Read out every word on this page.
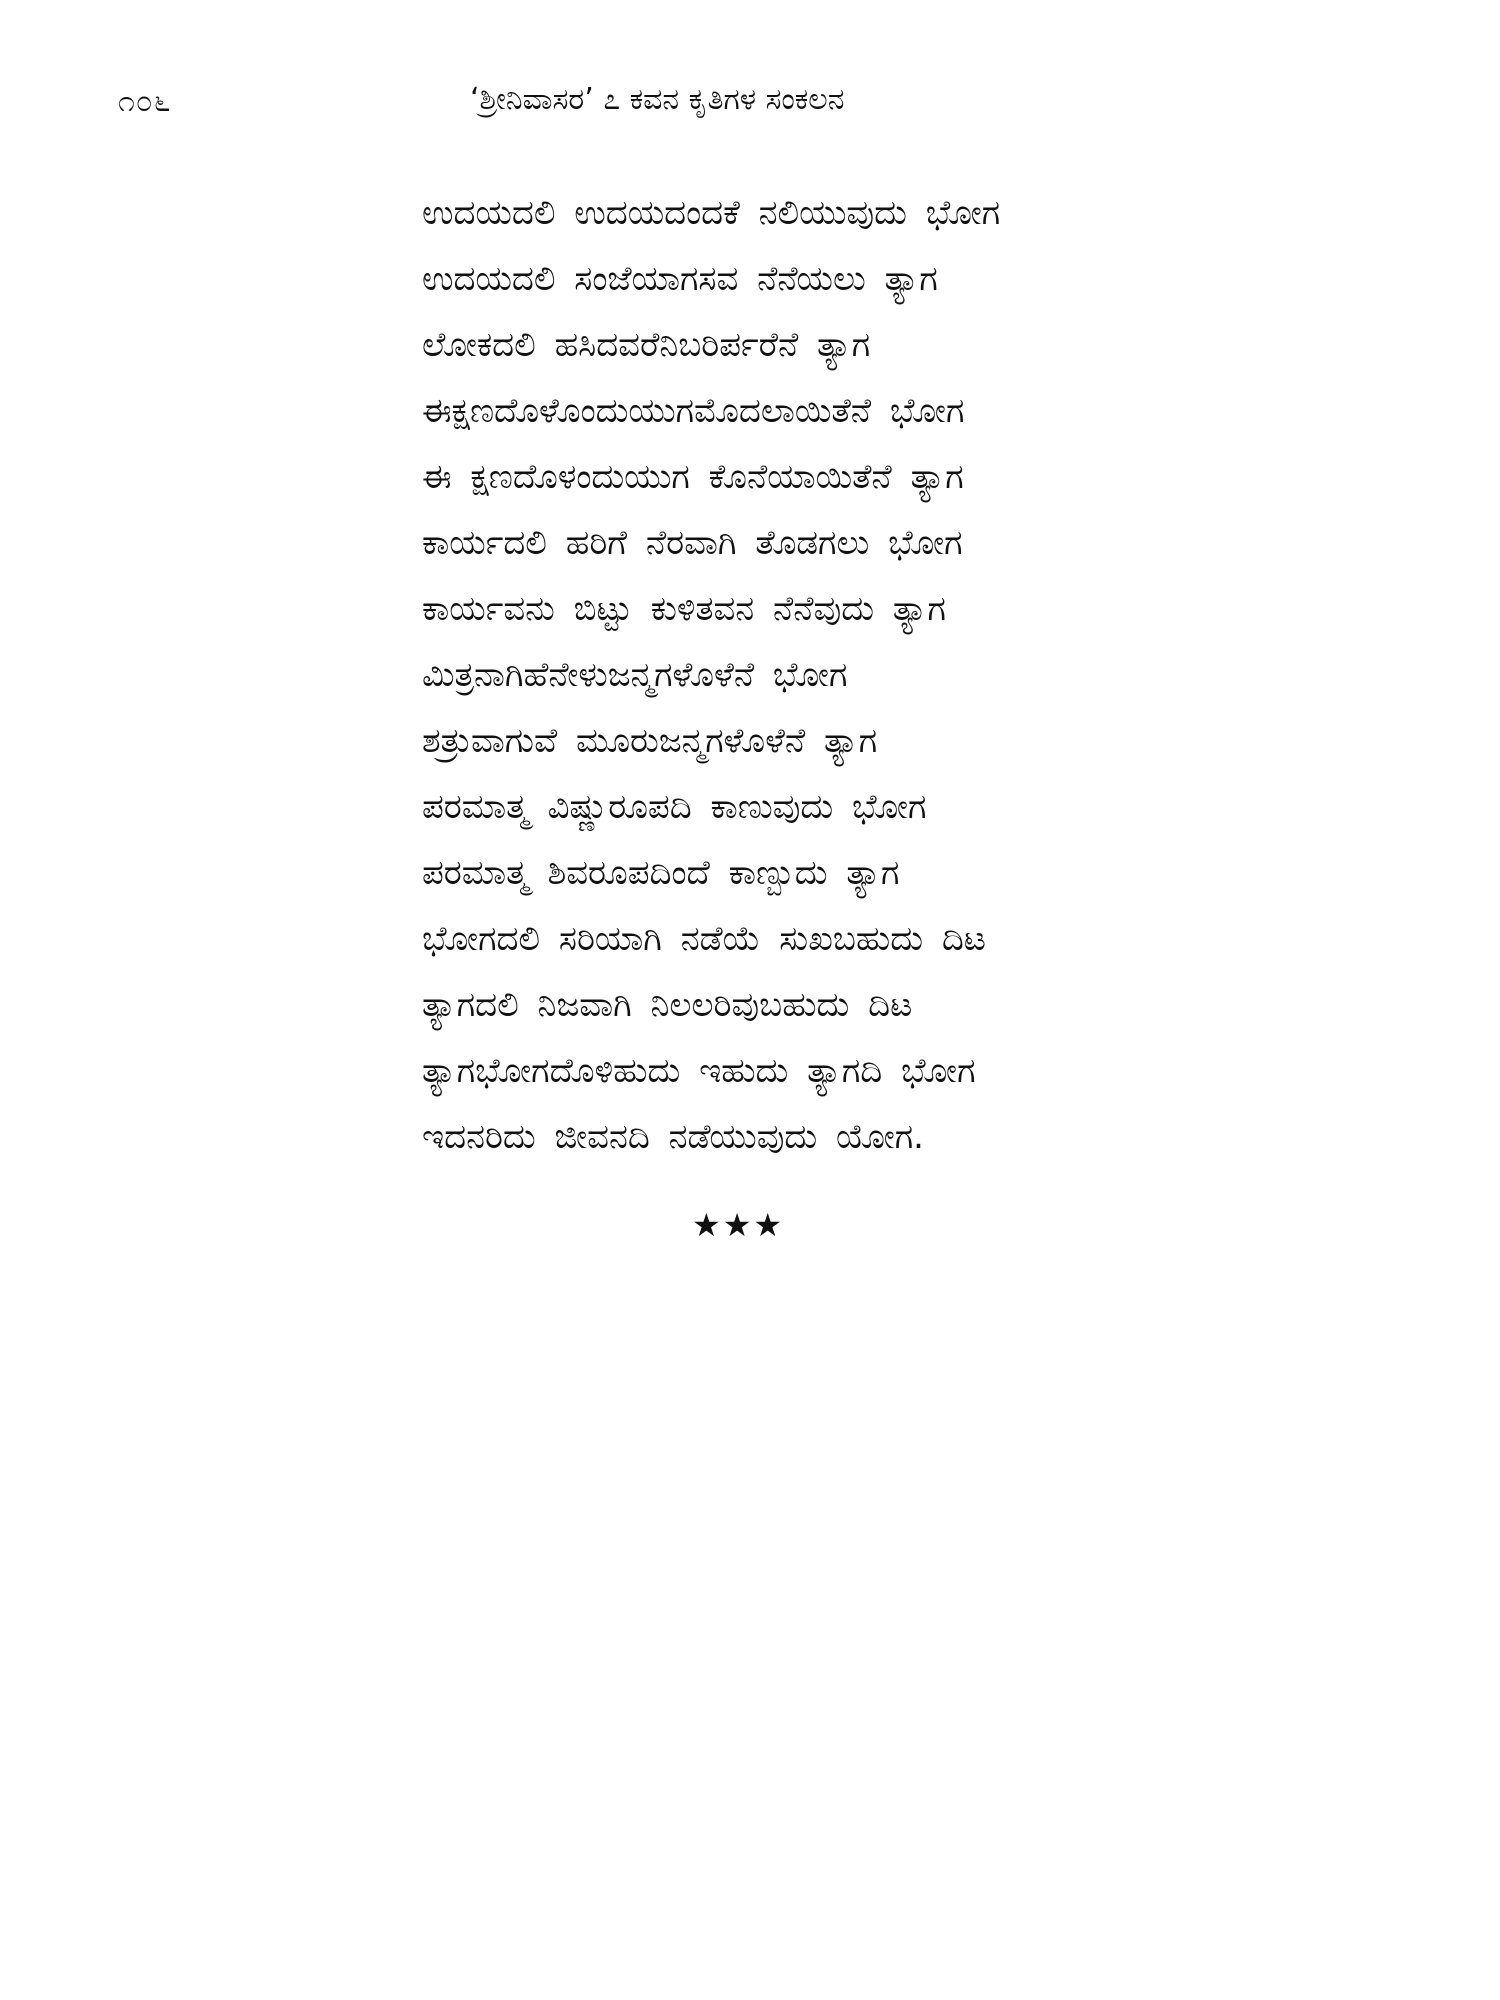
೧೦೬	‘ಶ್ರೀನಿವಾಸರ’ ೭ ಕವನ ಕೃತಿಗಳ ಸಂಕಲನ
ಉದಯದಲಿ ಉದಯದಂದಕೆ ನಲಿಯುವುದು ಭೋಗ
ಉದಯದಲಿ ಸಂಜೆಯಾಗಸವ ನೆನೆಯಲು ತ್ಯಾಗ
ಲೋಕದಲಿ ಹಸಿದವರೆನಿಬರಿರ್ಪರೆನೆ ತ್ಯಾಗ
ಈಕ್ಷಣದೊಳೊಂದುಯುಗಮೊದಲಾಯಿತೆನೆ ಭೋಗ
ಈ ಕ್ಷಣದೊಳಂದುಯುಗ ಕೊನೆಯಾಯಿತೆನೆ ತ್ಯಾಗ
ಕಾರ್ಯದಲಿ ಹರಿಗೆ ನೆರವಾಗಿ ತೊಡಗಲು ಭೋಗ
ಕಾರ್ಯವನು ಬಿಟ್ಟು ಕುಳಿತವನ ನೆನೆವುದು ತ್ಯಾಗ
ಮಿತ್ರನಾಗಿಹೆನೇಳುಜನ್ಮಗಳೊಳೆನೆ ಭೋಗ
ಶತ್ರುವಾಗುವೆ ಮೂರುಜನ್ಮಗಳೊಳೆನೆ ತ್ಯಾಗ
ಪರಮಾತ್ಮ ವಿಷ್ಣುರೂಪದಿ ಕಾಣುವುದು ಭೋಗ
ಪರಮಾತ್ಮ ಶಿವರೂಪದಿಂದೆ ಕಾಣ್ಬುದು ತ್ಯಾಗ
ಭೋಗದಲಿ ಸರಿಯಾಗಿ ನಡೆಯೆ ಸುಖಬಹುದು ದಿಟ
ತ್ಯಾಗದಲಿ ನಿಜವಾಗಿ ನಿಲಲರಿವುಬಹುದು ದಿಟ
ತ್ಯಾಗಭೋಗದೊಳಿಹುದು ಇಹುದು ತ್ಯಾಗದಿ ಭೋಗ
ಇದನರಿದು ಜೀವನದಿ ನಡೆಯುವುದು ಯೋಗ.
★★★
